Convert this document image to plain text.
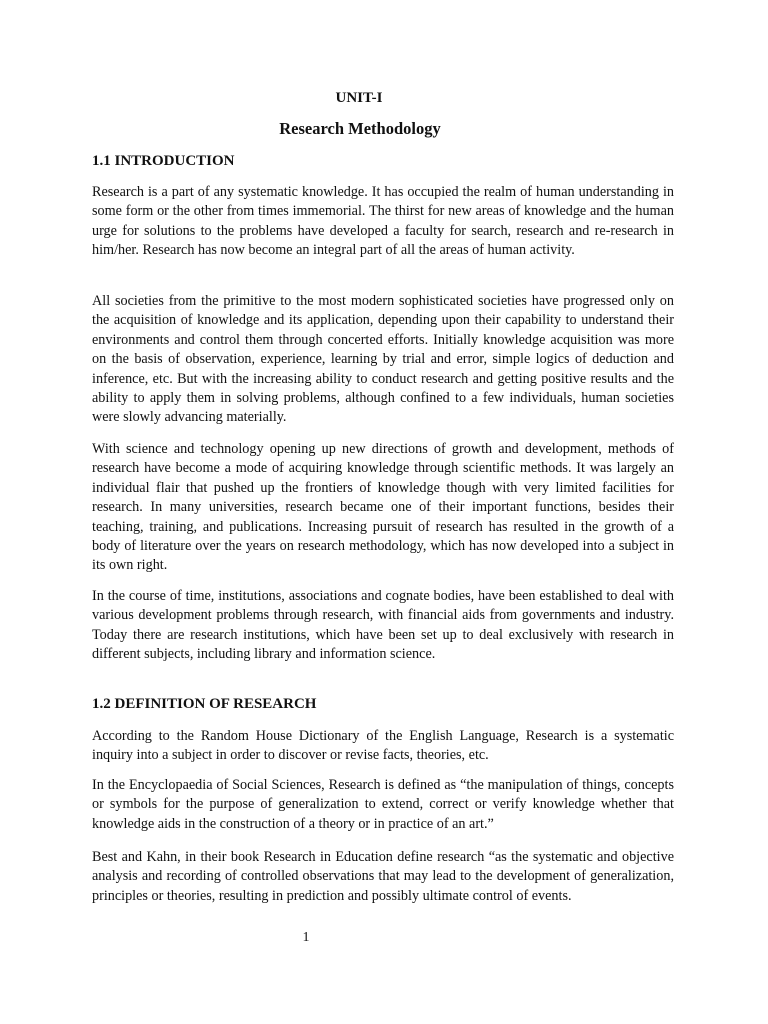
UNIT-I
Research Methodology
1.1 INTRODUCTION

Research is a part of any systematic knowledge. It has occupied the realm of human understanding in some form or the other from times immemorial. The thirst for new areas of knowledge and the human urge for solutions to the problems have developed a faculty for search, research and re-research in him/her. Research has now become an integral part of all the areas of human activity.

All societies from the primitive to the most modern sophisticated societies have progressed only on the acquisition of knowledge and its application, depending upon their capability to understand their environments and control them through concerted efforts. Initially knowledge acquisition was more on the basis of observation, experience, learning by trial and error, simple logics of deduction and inference, etc. But with the increasing ability to conduct research and getting positive results and the ability to apply them in solving problems, although confined to a few individuals, human societies were slowly advancing materially.

With science and technology opening up new directions of growth and development, methods of research have become a mode of acquiring knowledge through scientific methods. It was largely an individual flair that pushed up the frontiers of knowledge though with very limited facilities for research. In many universities, research became one of their important functions, besides their teaching, training, and publications. Increasing pursuit of research has resulted in the growth of a body of literature over the years on research methodology, which has now developed into a subject in its own right.

In the course of time, institutions, associations and cognate bodies, have been established to deal with various development problems through research, with financial aids from governments and industry. Today there are research institutions, which have been set up to deal exclusively with research in different subjects, including library and information science.

1.2 DEFINITION OF RESEARCH

According to the Random House Dictionary of the English Language, Research is a systematic inquiry into a subject in order to discover or revise facts, theories, etc.

In the Encyclopaedia of Social Sciences, Research is defined as “the manipulation of things, concepts or symbols for the purpose of generalization to extend, correct or verify knowledge whether that knowledge aids in the construction of a theory or in practice of an art.”

Best and Kahn, in their book Research in Education define research “as the systematic and objective analysis and recording of controlled observations that may lead to the development of generalization, principles or theories, resulting in prediction and possibly ultimate control of events.

1
